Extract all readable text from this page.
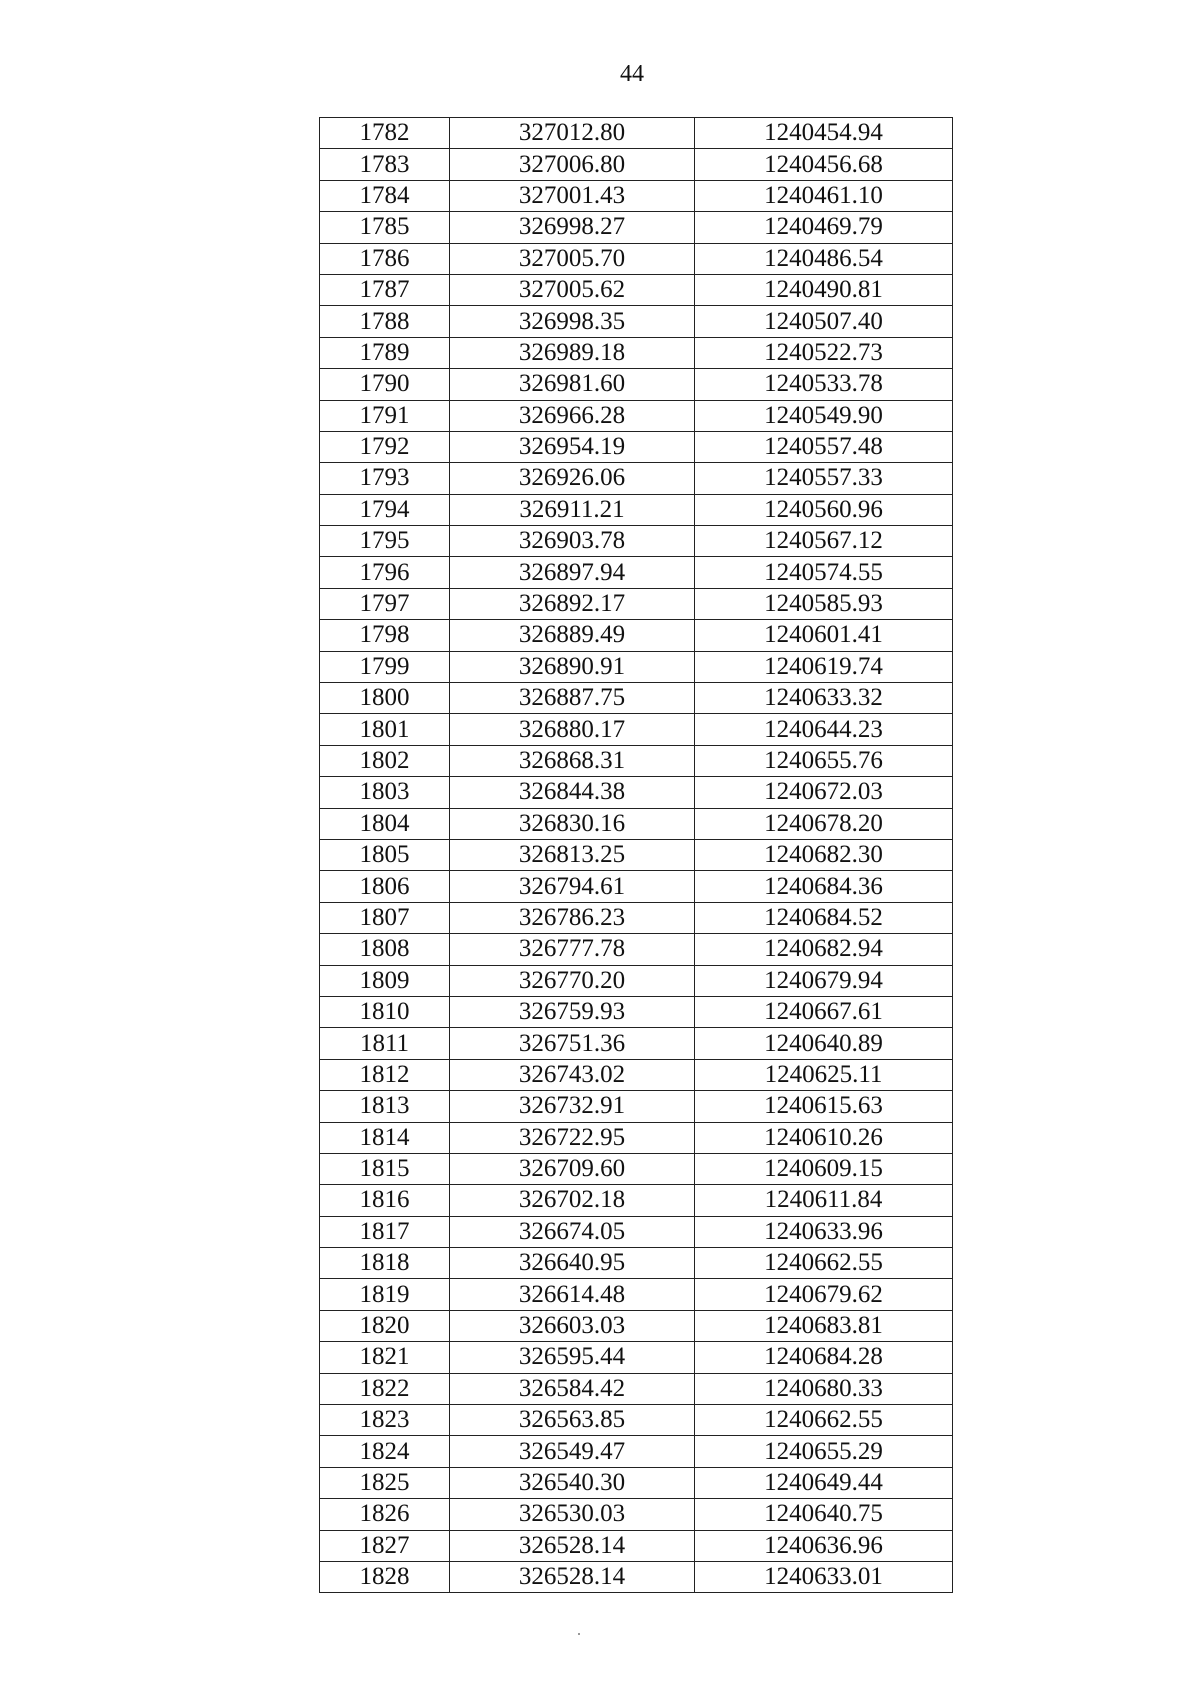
44
1782	327012.80	1240454.94
1783	327006.80	1240456.68
1784	327001.43	1240461.10
1785	326998.27	1240469.79
1786	327005.70	1240486.54
1787	327005.62	1240490.81
1788	326998.35	1240507.40
1789	326989.18	1240522.73
1790	326981.60	1240533.78
1791	326966.28	1240549.90
1792	326954.19	1240557.48
1793	326926.06	1240557.33
1794	326911.21	1240560.96
1795	326903.78	1240567.12
1796	326897.94	1240574.55
1797	326892.17	1240585.93
1798	326889.49	1240601.41
1799	326890.91	1240619.74
1800	326887.75	1240633.32
1801	326880.17	1240644.23
1802	326868.31	1240655.76
1803	326844.38	1240672.03
1804	326830.16	1240678.20
1805	326813.25	1240682.30
1806	326794.61	1240684.36
1807	326786.23	1240684.52
1808	326777.78	1240682.94
1809	326770.20	1240679.94
1810	326759.93	1240667.61
1811	326751.36	1240640.89
1812	326743.02	1240625.11
1813	326732.91	1240615.63
1814	326722.95	1240610.26
1815	326709.60	1240609.15
1816	326702.18	1240611.84
1817	326674.05	1240633.96
1818	326640.95	1240662.55
1819	326614.48	1240679.62
1820	326603.03	1240683.81
1821	326595.44	1240684.28
1822	326584.42	1240680.33
1823	326563.85	1240662.55
1824	326549.47	1240655.29
1825	326540.30	1240649.44
1826	326530.03	1240640.75
1827	326528.14	1240636.96
1828	326528.14	1240633.01
